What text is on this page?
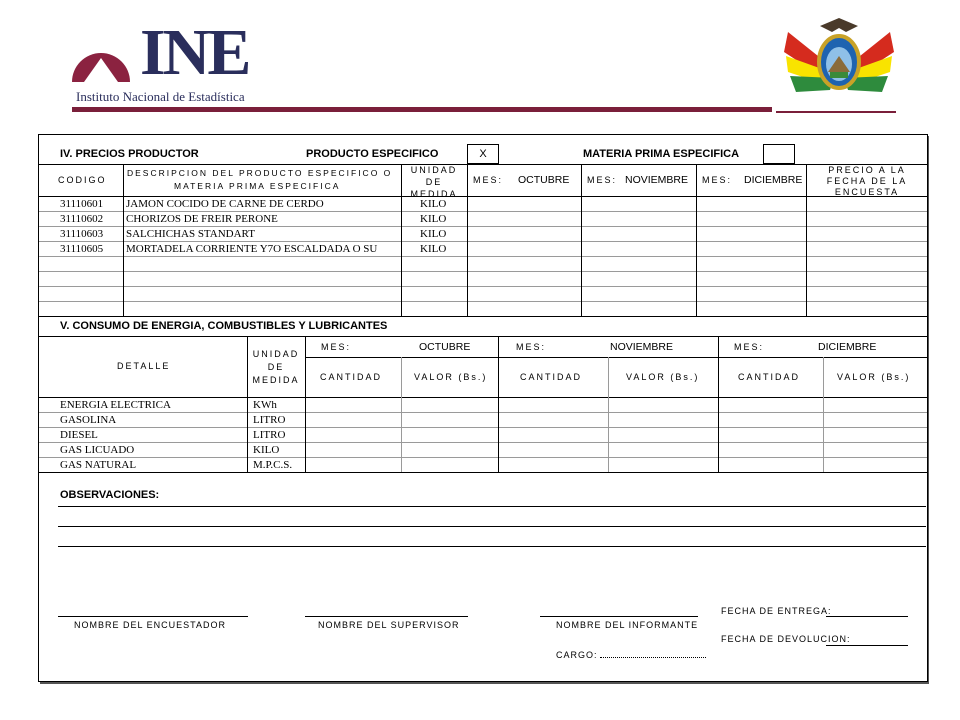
INE
Instituto Nacional de Estadística
IV. PRECIOS PRODUCTOR	PRODUCTO ESPECIFICO	X	MATERIA PRIMA ESPECIFICA
CODIGO
DESCRIPCION DEL PRODUCTO ESPECIFICO O
MATERIA PRIMA ESPECIFICA
UNIDAD
DE
MEDIDA
MES: OCTUBRE MES: NOVIEMBRE MES: DICIEMBRE
PRECIO A LA
FECHA DE LA
ENCUESTA
31110601 JAMON COCIDO DE CARNE DE CERDO	KILO
31110602 CHORIZOS DE FREIR PERONE	KILO
31110603 SALCHICHAS STANDART	KILO
31110605 MORTADELA CORRIENTE Y7O ESCALDADA O SU	KILO
V. CONSUMO DE ENERGIA, COMBUSTIBLES Y LUBRICANTES
DETALLE
UNIDAD
DE
MEDIDA
MES:	OCTUBRE	MES:	NOVIEMBRE	MES:	DICIEMBRE
CANTIDAD	VALOR (Bs.)	CANTIDAD	VALOR (Bs.)	CANTIDAD	VALOR (Bs.)
ENERGIA ELECTRICA	KWh
GASOLINA	LITRO
DIESEL	LITRO
GAS LICUADO	KILO
GAS NATURAL	M.P.C.S.
OBSERVACIONES:
NOMBRE DEL ENCUESTADOR	NOMBRE DEL SUPERVISOR	NOMBRE DEL INFORMANTE
FECHA DE ENTREGA:
FECHA DE DEVOLUCION:
CARGO:
